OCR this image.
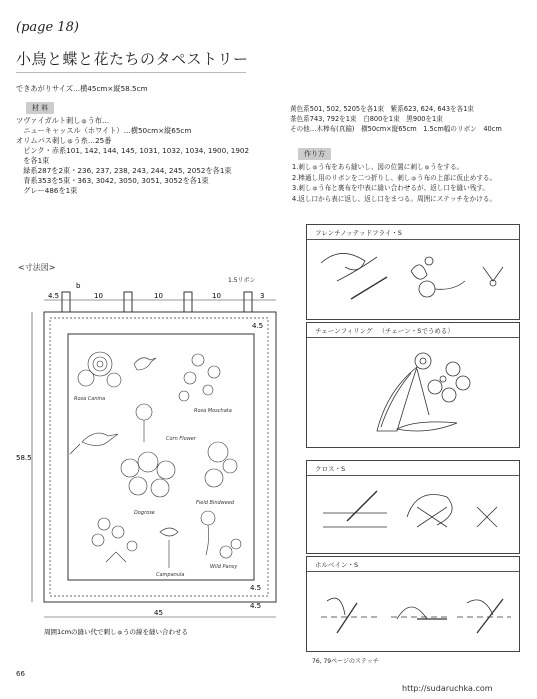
(page 18)
小鳥と蝶と花たちのタペストリー
できあがりサイズ…横45cm×縦58.5cm
材 料
ツヴァイガルト刺しゅう布…
　ニューキャッスル（ホワイト）…横50cm×縦65cm
オリムパス刺しゅう糸…25番
　ピンク・赤系101, 142, 144, 145, 1031, 1032, 1034, 1900, 1902
　を各1束
　緑系287を2束・236, 237, 238, 243, 244, 245, 2052を各1束
　青系353を5束・363, 3042, 3050, 3051, 3052を各1束
　グレー486を1束
黄色系501, 502, 5205を各1束　紫系623, 624, 643を各1束
茶色系743, 792を1束　白800を1束　黒900を1束
その他…木棒布(真鍮)　横50cm×縦65cm　1.5cm幅のリボン　40cm
作り方
1.刺しゅう布をあら縫いし、図の位置に刺しゅうをする。
2.棒通し用のリボンを二つ折りし、刺しゅう布の上部に仮止めする。
3.刺しゅう布と裏布を中表に縫い合わせるが、返し口を縫い残す。
4.返し口から表に返し、返し口をまつる。周囲にステッチをかける。
<寸法図>
1.5リボン
4.5	10	10	10	3
b
4.5
4.5
4.5
58.5
45
周囲1cmの縫い代で刺しゅうの線を縫い合わせる
Rosa Canina
Corn Flower
Rosa Moschata
Dogrose
Field Bindweed
Wild Pansy
Campanula
フレンチノッテッドフライ・S
チェーンフィリング （チェーン・Sでうめる）
クロス・S
ホルベイン・S
76, 79ページのステッチ
66
http://sudaruchka.com
